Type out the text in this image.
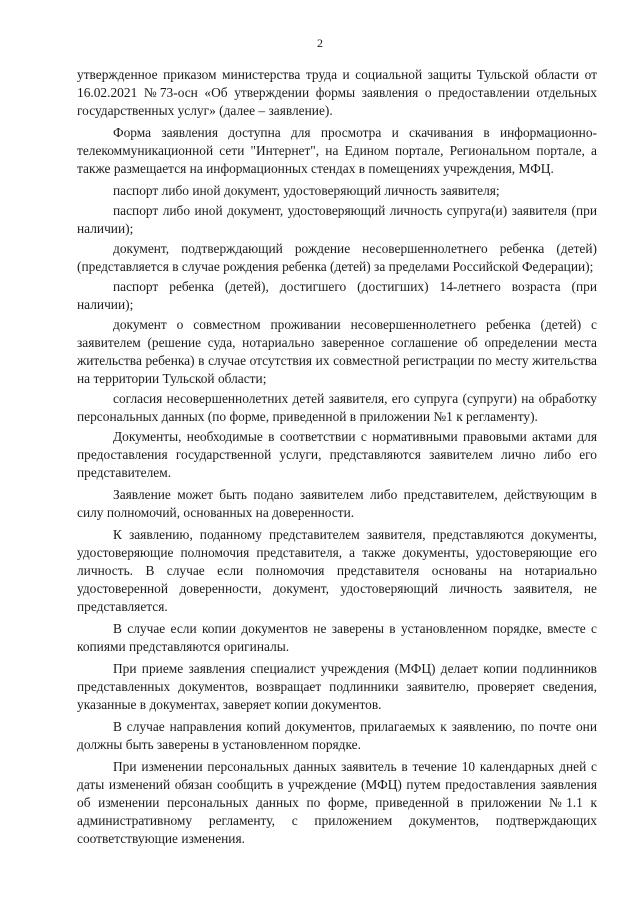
2

утвержденное приказом министерства труда и социальной защиты Тульской области от 16.02.2021 №73-осн «Об утверждении формы заявления о предоставлении отдельных государственных услуг» (далее – заявление).

Форма заявления доступна для просмотра и скачивания в информационно-телекоммуникационной сети "Интернет", на Едином портале, Региональном портале, а также размещается на информационных стендах в помещениях учреждения, МФЦ.

паспорт либо иной документ, удостоверяющий личность заявителя;

паспорт либо иной документ, удостоверяющий личность супруга(и) заявителя (при наличии);

документ, подтверждающий рождение несовершеннолетнего ребенка (детей) (представляется в случае рождения ребенка (детей) за пределами Российской Федерации);

паспорт ребенка (детей), достигшего (достигших) 14-летнего возраста (при наличии);

документ о совместном проживании несовершеннолетнего ребенка (детей) с заявителем (решение суда, нотариально заверенное соглашение об определении места жительства ребенка) в случае отсутствия их совместной регистрации по месту жительства на территории Тульской области;

согласия несовершеннолетних детей заявителя, его супруга (супруги) на обработку персональных данных (по форме, приведенной в приложении №1 к регламенту).

Документы, необходимые в соответствии с нормативными правовыми актами для предоставления государственной услуги, представляются заявителем лично либо его представителем.

Заявление может быть подано заявителем либо представителем, действующим в силу полномочий, основанных на доверенности.

К заявлению, поданному представителем заявителя, представляются документы, удостоверяющие полномочия представителя, а также документы, удостоверяющие его личность. В случае если полномочия представителя основаны на нотариально удостоверенной доверенности, документ, удостоверяющий личность заявителя, не представляется.

В случае если копии документов не заверены в установленном порядке, вместе с копиями представляются оригиналы.

При приеме заявления специалист учреждения (МФЦ) делает копии подлинников представленных документов, возвращает подлинники заявителю, проверяет сведения, указанные в документах, заверяет копии документов.

В случае направления копий документов, прилагаемых к заявлению, по почте они должны быть заверены в установленном порядке.

При изменении персональных данных заявитель в течение 10 календарных дней с даты изменений обязан сообщить в учреждение (МФЦ) путем предоставления заявления об изменении персональных данных по форме, приведенной в приложении №1.1 к административному регламенту, с приложением документов, подтверждающих соответствующие изменения.
